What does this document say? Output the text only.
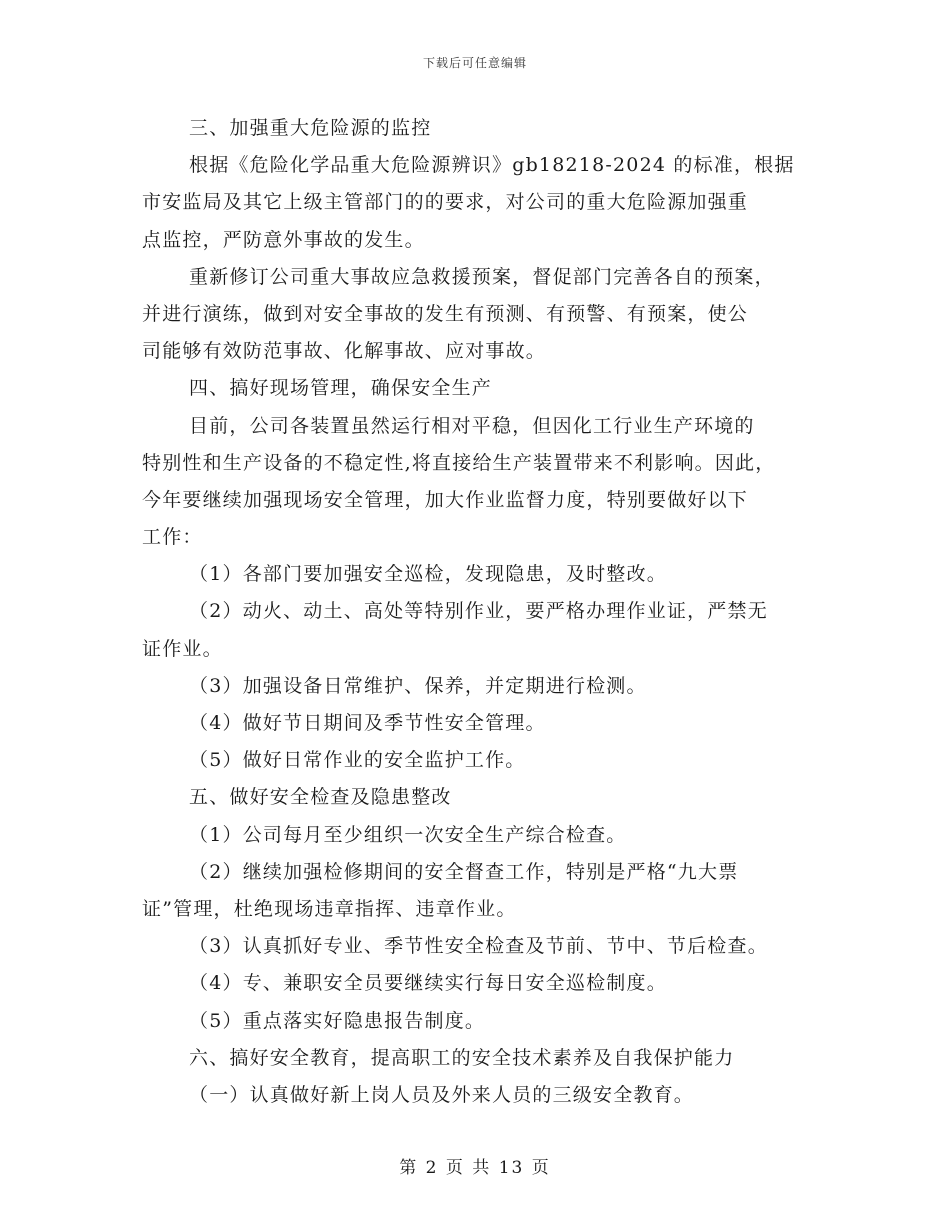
下载后可任意编辑
三、加强重大危险源的监控
根据《危险化学品重大危险源辨识》gb18218-2024 的标准，根据
市安监局及其它上级主管部门的的要求，对公司的重大危险源加强重
点监控，严防意外事故的发生。
重新修订公司重大事故应急救援预案，督促部门完善各自的预案，
并进行演练，做到对安全事故的发生有预测、有预警、有预案，使公
司能够有效防范事故、化解事故、应对事故。
四、搞好现场管理，确保安全生产
目前，公司各装置虽然运行相对平稳，但因化工行业生产环境的
特别性和生产设备的不稳定性,将直接给生产装置带来不利影响。因此，
今年要继续加强现场安全管理，加大作业监督力度，特别要做好以下
工作：
（1）各部门要加强安全巡检，发现隐患，及时整改。
（2）动火、动土、高处等特别作业，要严格办理作业证，严禁无
证作业。
（3）加强设备日常维护、保养，并定期进行检测。
（4）做好节日期间及季节性安全管理。
（5）做好日常作业的安全监护工作。
五、做好安全检查及隐患整改
（1）公司每月至少组织一次安全生产综合检查。
（2）继续加强检修期间的安全督查工作，特别是严格“九大票
证”管理，杜绝现场违章指挥、违章作业。
（3）认真抓好专业、季节性安全检查及节前、节中、节后检查。
（4）专、兼职安全员要继续实行每日安全巡检制度。
（5）重点落实好隐患报告制度。
六、搞好安全教育，提高职工的安全技术素养及自我保护能力
（一）认真做好新上岗人员及外来人员的三级安全教育。
第 2 页 共 13 页
